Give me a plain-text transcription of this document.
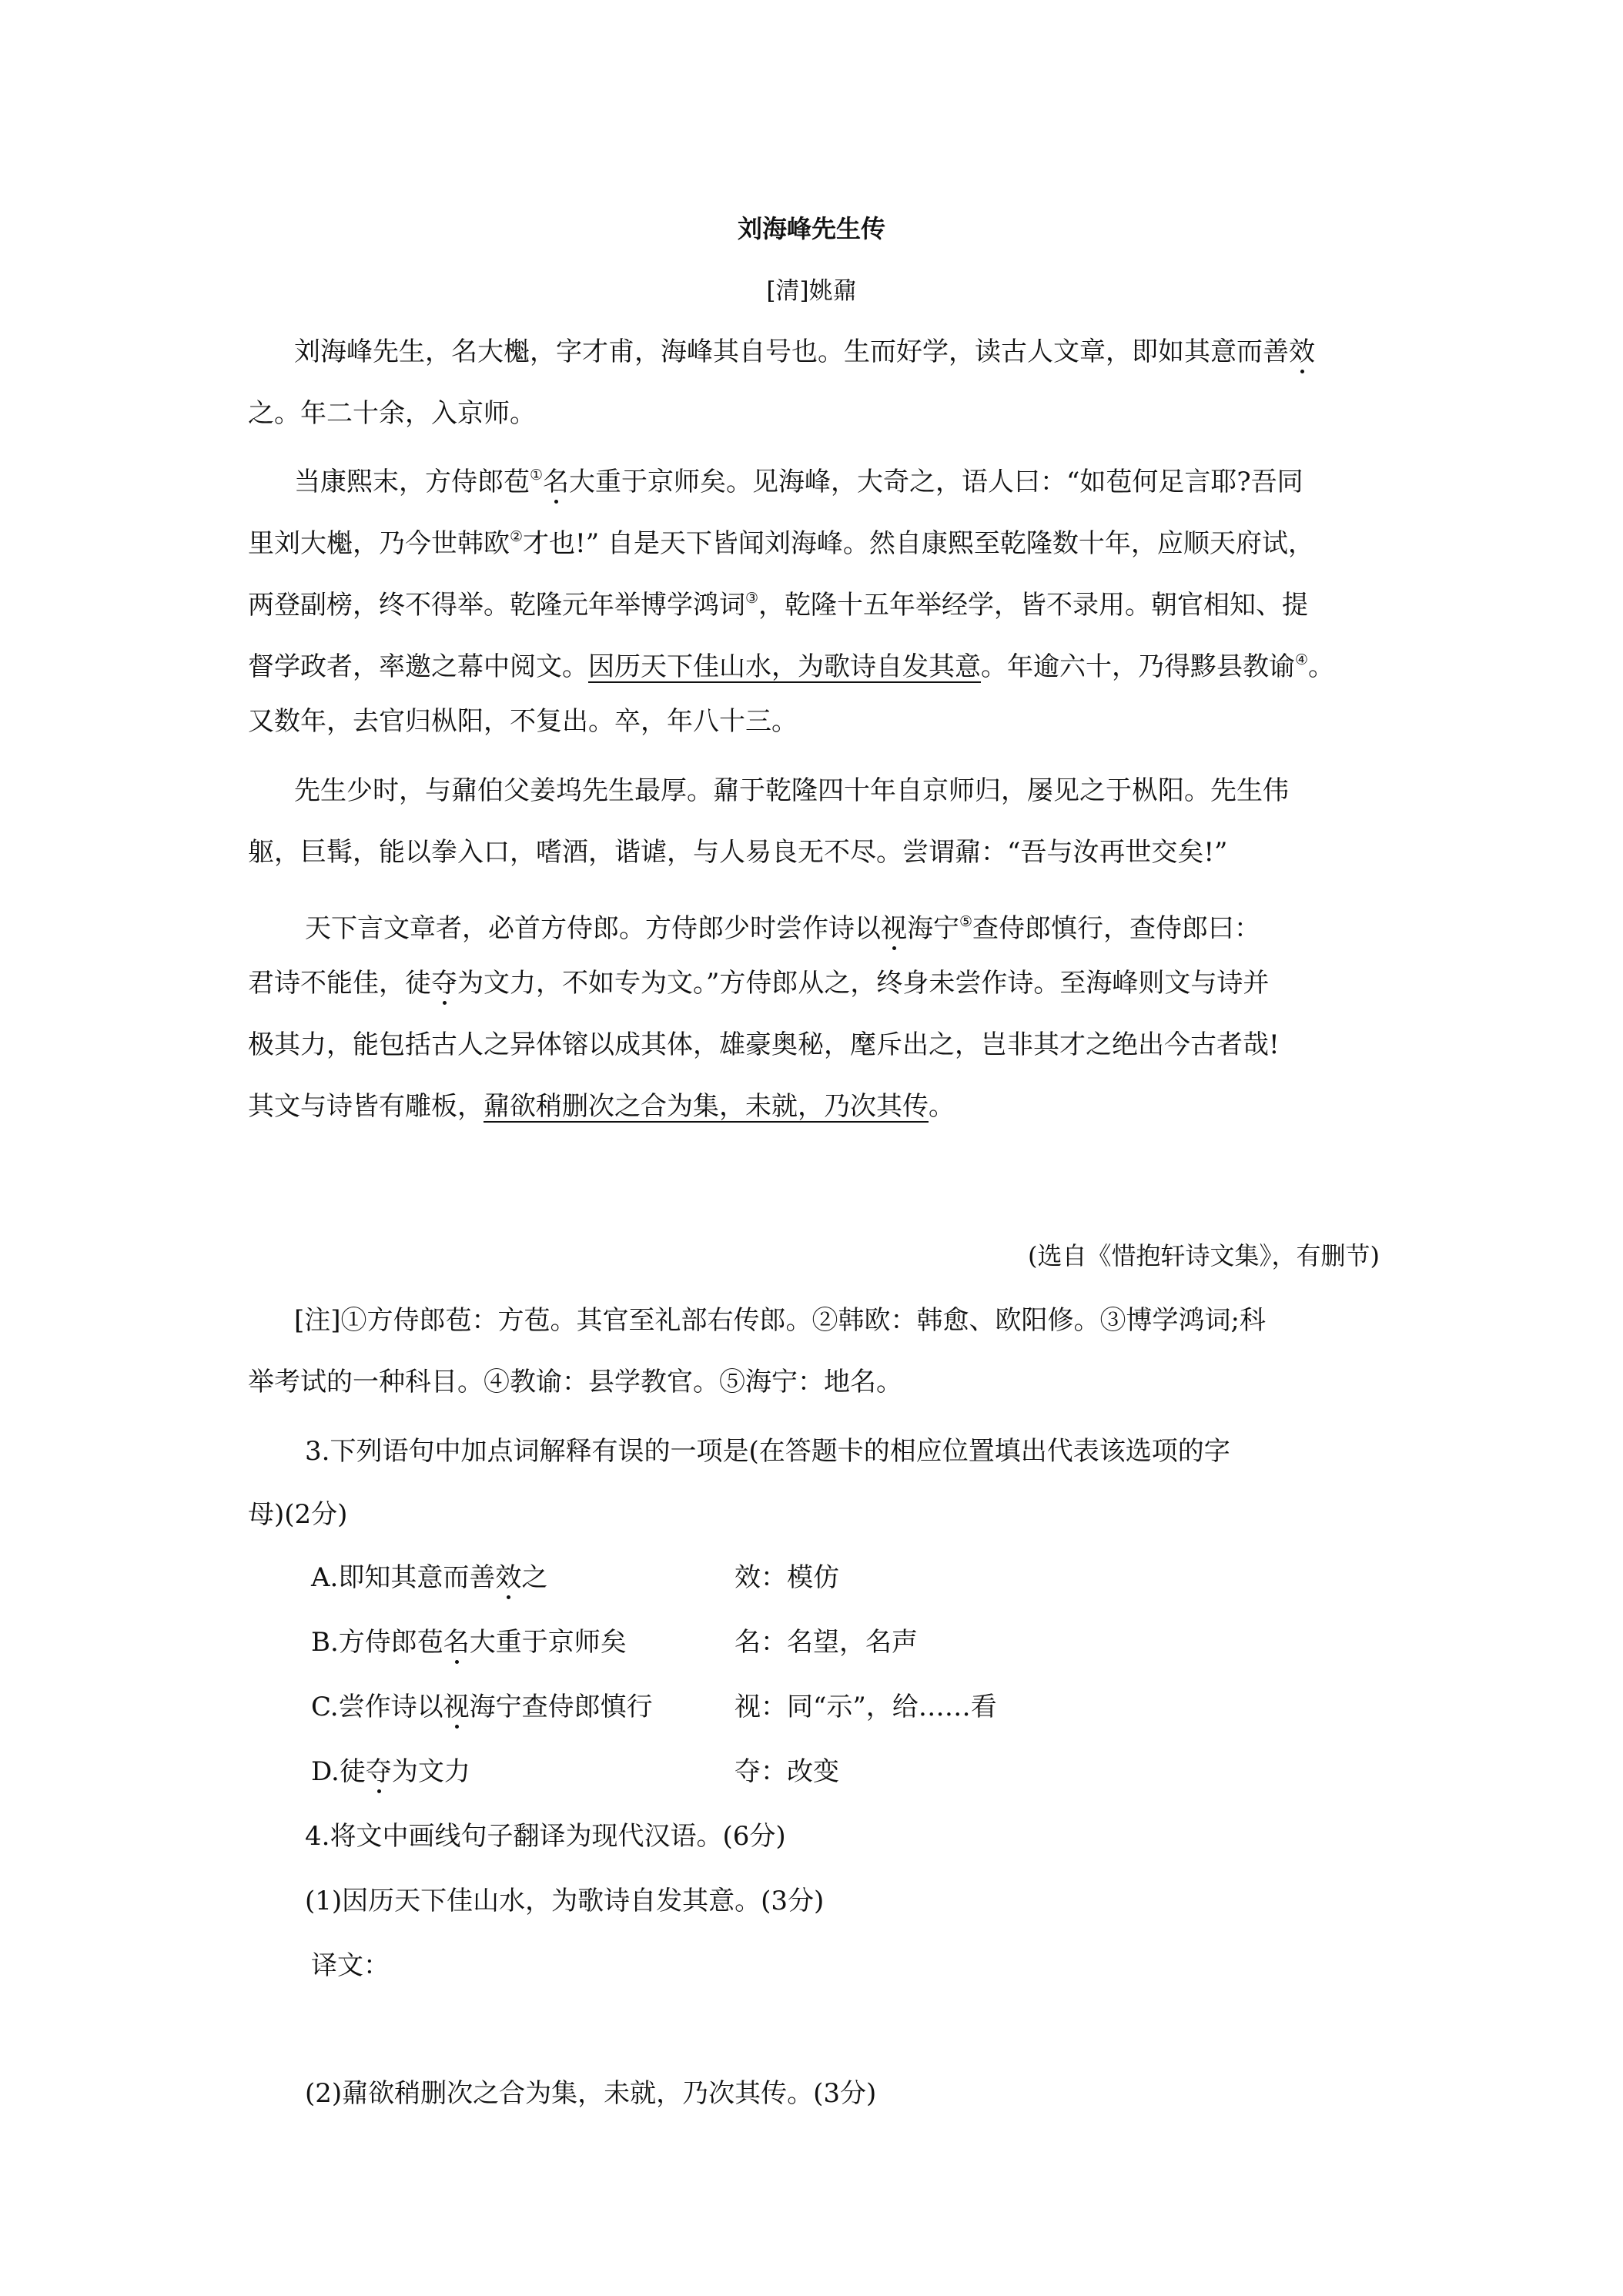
刘海峰先生传
[清]姚鼐
刘海峰先生，名大櫆，字才甫，海峰其自号也。生而好学，读古人文章，即如其意而善效
之。年二十余，入京师。
当康熙末，方侍郎苞①名大重于京师矣。见海峰，大奇之，语人曰：“如苞何足言耶?吾同
里刘大櫆，乃今世韩欧②才也!” 自是天下皆闻刘海峰。然自康熙至乾隆数十年，应顺天府试，
两登副榜，终不得举。乾隆元年举博学鸿词③，乾隆十五年举经学，皆不录用。朝官相知、提
督学政者，率邀之幕中阅文。因历天下佳山水，为歌诗自发其意。年逾六十，乃得黟县教谕④。
又数年，去官归枞阳，不复出。卒，年八十三。
先生少时，与鼐伯父姜坞先生最厚。鼐于乾隆四十年自京师归，屡见之于枞阳。先生伟
躯，巨髯，能以拳入口，嗜酒，谐谑，与人易良无不尽。尝谓鼐：“吾与汝再世交矣!”
天下言文章者，必首方侍郎。方侍郎少时尝作诗以视海宁⑤查侍郎慎行，查侍郎曰：
君诗不能佳，徒夺为文力，不如专为文。”方侍郎从之，终身未尝作诗。至海峰则文与诗并
极其力，能包括古人之异体镕以成其体，雄豪奥秘，麾斥出之，岂非其才之绝出今古者哉!
其文与诗皆有雕板，鼐欲稍删次之合为集，未就，乃次其传。
(选自《惜抱轩诗文集》，有删节)
[注]①方侍郎苞：方苞。其官至礼部右传郎。②韩欧：韩愈、欧阳修。③博学鸿词;科
举考试的一种科目。④教谕：县学教官。⑤海宁：地名。
3.下列语句中加点词解释有误的一项是(在答题卡的相应位置填出代表该选项的字
母)(2分)
A.即知其意而善效之	效：模仿
B.方侍郎苞名大重于京师矣	名：名望，名声
C.尝作诗以视海宁查侍郎慎行	视：同“示”，给……看
D.徒夺为文力	夺：改变
4.将文中画线句子翻译为现代汉语。(6分)
(1)因历天下佳山水，为歌诗自发其意。(3分)
译文：
(2)鼐欲稍删次之合为集，未就，乃次其传。(3分)
